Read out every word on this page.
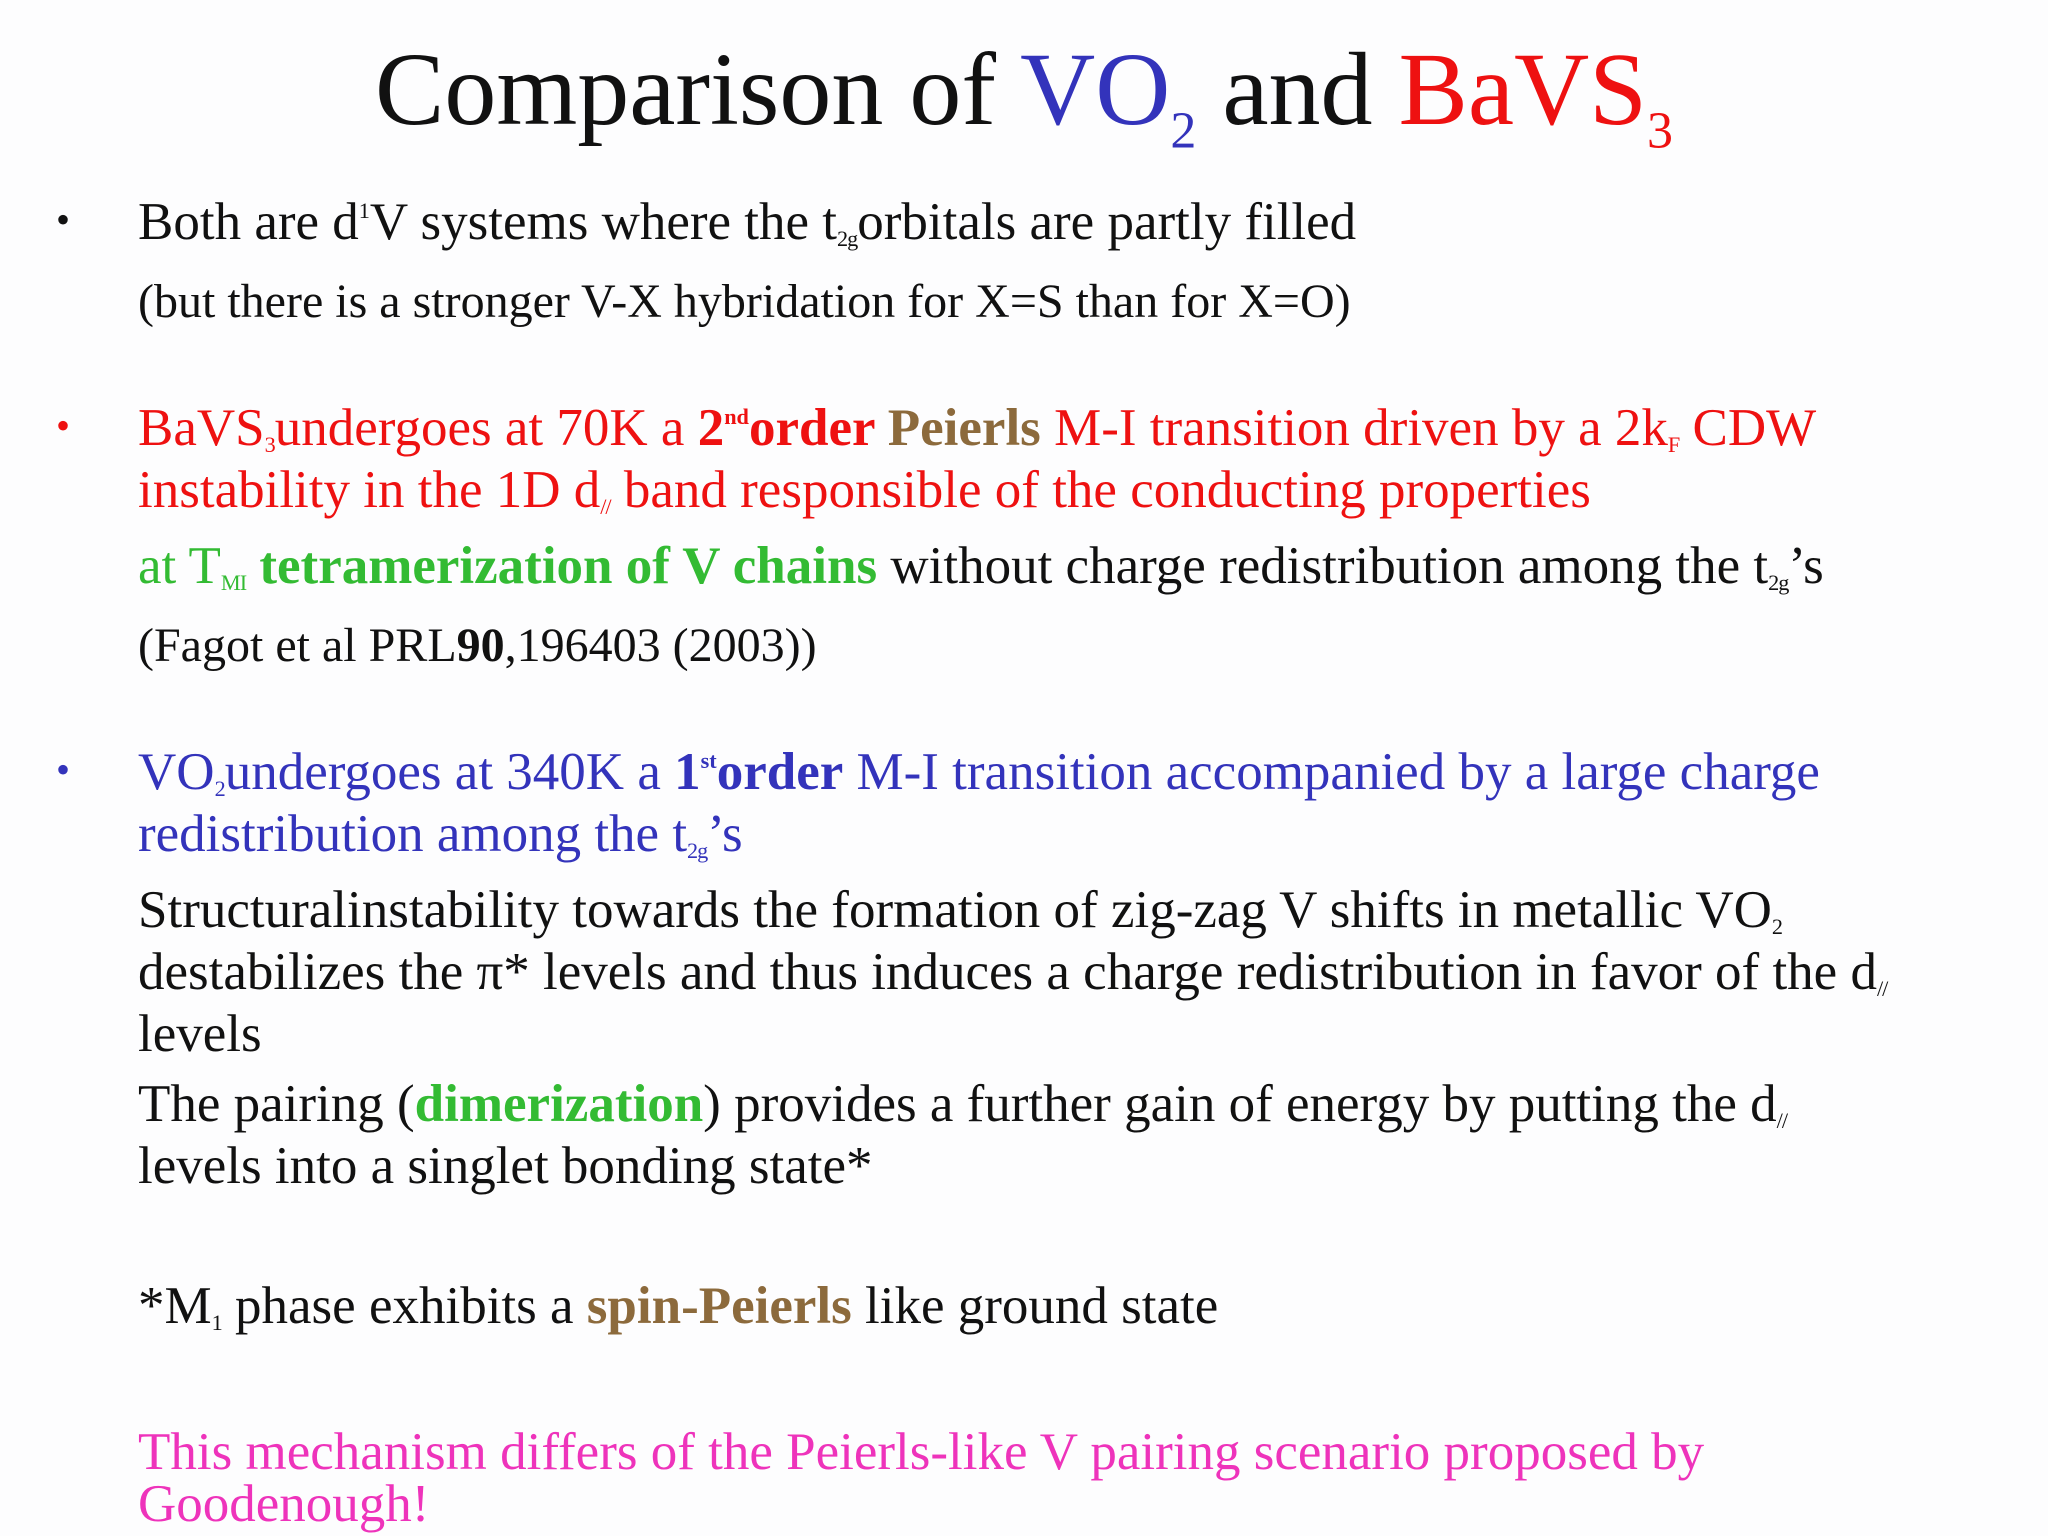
Comparison of $VO_2$ and BaVS$_3$
• Both are $d^1V$ systems where the $t_{2g}orbitals$ are partly filled
(but there is a stronger V-X hybridation for X=S than for X=O)
• BaVS$_3$undergoes at 70K a 2ndorder Peierls M-I transition driven by a $2k_F$ CDW
instability in the 1D $d_{//}$ band responsible of the conducting properties
at $T_{MI}$ tetramerization of V chains without charge redistribution among the $t_{2g}’s$
(Fagot et al PRL90,196403 (2003))
• $VO_2undergoes$ at 340K a 1storder M-I transition accompanied by a large charge
redistribution among the $t_{2g}’s$
Structuralinstability towards the formation of zig-zag V shifts in metallic $VO_2$
destabilizes the π* levels and thus induces a charge redistribution in favor of the $d_{//}$
levels
The pairing (dimerization) provides a further gain of energy by putting the $d_{//}$
levels into a singlet bonding state*
$*M_1$ phase exhibits a spin-Peierls like ground state
This mechanism differs of the Peierls-like V pairing scenario proposed by
Goodenough!
